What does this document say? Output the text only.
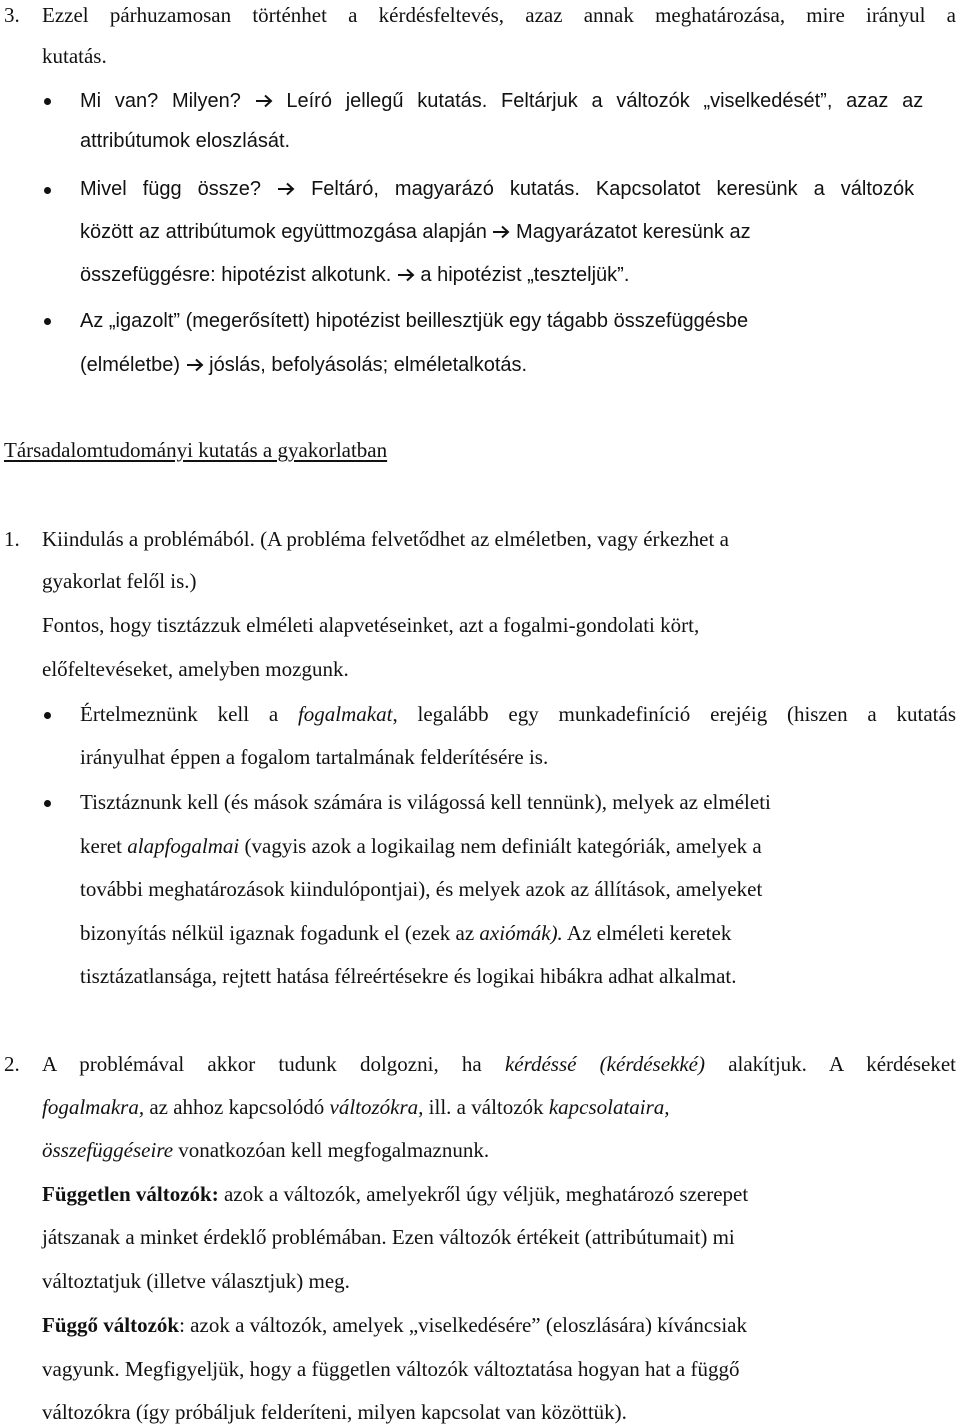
3. Ezzel párhuzamosan történhet a kérdésfeltevés, azaz annak meghatározása, mire irányul a
kutatás.
Mi van? Milyen? Leíró jellegű kutatás. Feltárjuk a változók „viselkedését”, azaz az
attribútumok eloszlását.
Mivel függ össze?	Feltáró, magyarázó kutatás. Kapcsolatot keresünk a változók
között az attribútumok együttmozgása alapján Magyarázatot keresünk az
összefüggésre: hipotézist alkotunk. a hipotézist „teszteljük”.
Az „igazolt” (megerősített) hipotézist beillesztjük egy tágabb összefüggésbe
(elméletbe) jóslás, befolyásolás; elméletalkotás.
Társadalomtudományi kutatás a gyakorlatban
1. Kiindulás a problémából. (A probléma felvetődhet az elméletben, vagy érkezhet a
gyakorlat felől is.)
Fontos, hogy tisztázzuk elméleti alapvetéseinket, azt a fogalmi-gondolati kört,
előfeltevéseket, amelyben mozgunk.
Értelmeznünk kell a fogalmakat, legalább egy munkadefiníció erejéig (hiszen a kutatás
irányulhat éppen a fogalom tartalmának felderítésére is.
Tisztáznunk kell (és mások számára is világossá kell tennünk), melyek az elméleti
keret alapfogalmai (vagyis azok a logikailag nem definiált kategóriák, amelyek a
további meghatározások kiindulópontjai), és melyek azok az állítások, amelyeket
bizonyítás nélkül igaznak fogadunk el (ezek az axiómák). Az elméleti keretek
tisztázatlansága, rejtett hatása félreértésekre és logikai hibákra adhat alkalmat.
2. A problémával akkor tudunk dolgozni, ha kérdéssé (kérdésekké) alakítjuk. A kérdéseket
fogalmakra, az ahhoz kapcsolódó változókra, ill. a változók kapcsolataira,
összefüggéseire vonatkozóan kell megfogalmaznunk.
Független változók: azok a változók, amelyekről úgy véljük, meghatározó szerepet
játszanak a minket érdeklő problémában. Ezen változók értékeit (attribútumait) mi
változtatjuk (illetve választjuk) meg.
Függő változók: azok a változók, amelyek „viselkedésére” (eloszlására) kíváncsiak
vagyunk. Megfigyeljük, hogy a független változók változtatása hogyan hat a függő
változókra (így próbáljuk felderíteni, milyen kapcsolat van közöttük).
